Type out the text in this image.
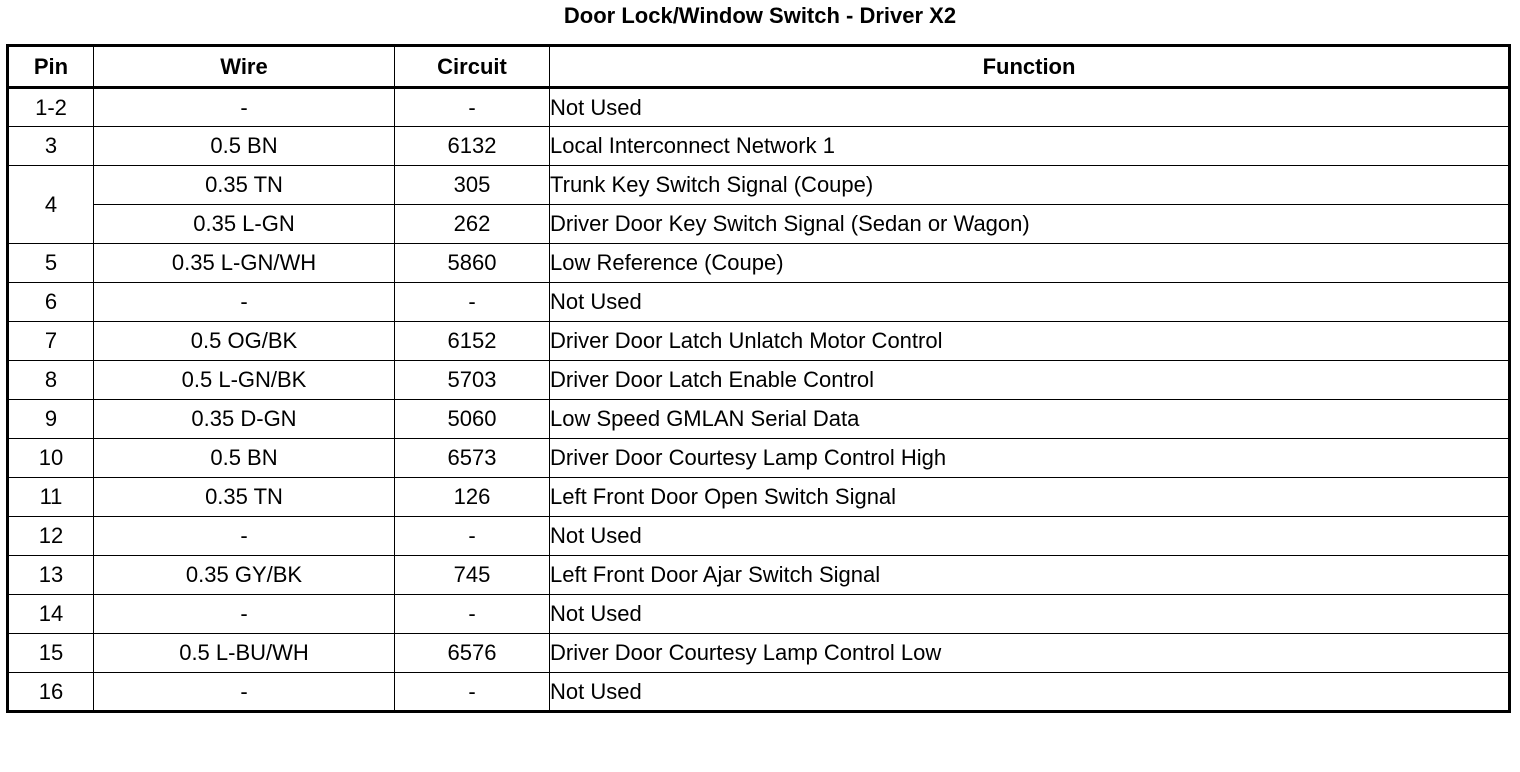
Door Lock/Window Switch - Driver X2
Pin	Wire	Circuit	Function
1-2	-	-	Not Used
3	0.5 BN	6132	Local Interconnect Network 1
4	0.35 TN	305	Trunk Key Switch Signal (Coupe)
	0.35 L-GN	262	Driver Door Key Switch Signal (Sedan or Wagon)
5	0.35 L-GN/WH	5860	Low Reference (Coupe)
6	-	-	Not Used
7	0.5 OG/BK	6152	Driver Door Latch Unlatch Motor Control
8	0.5 L-GN/BK	5703	Driver Door Latch Enable Control
9	0.35 D-GN	5060	Low Speed GMLAN Serial Data
10	0.5 BN	6573	Driver Door Courtesy Lamp Control High
11	0.35 TN	126	Left Front Door Open Switch Signal
12	-	-	Not Used
13	0.35 GY/BK	745	Left Front Door Ajar Switch Signal
14	-	-	Not Used
15	0.5 L-BU/WH	6576	Driver Door Courtesy Lamp Control Low
16	-	-	Not Used
